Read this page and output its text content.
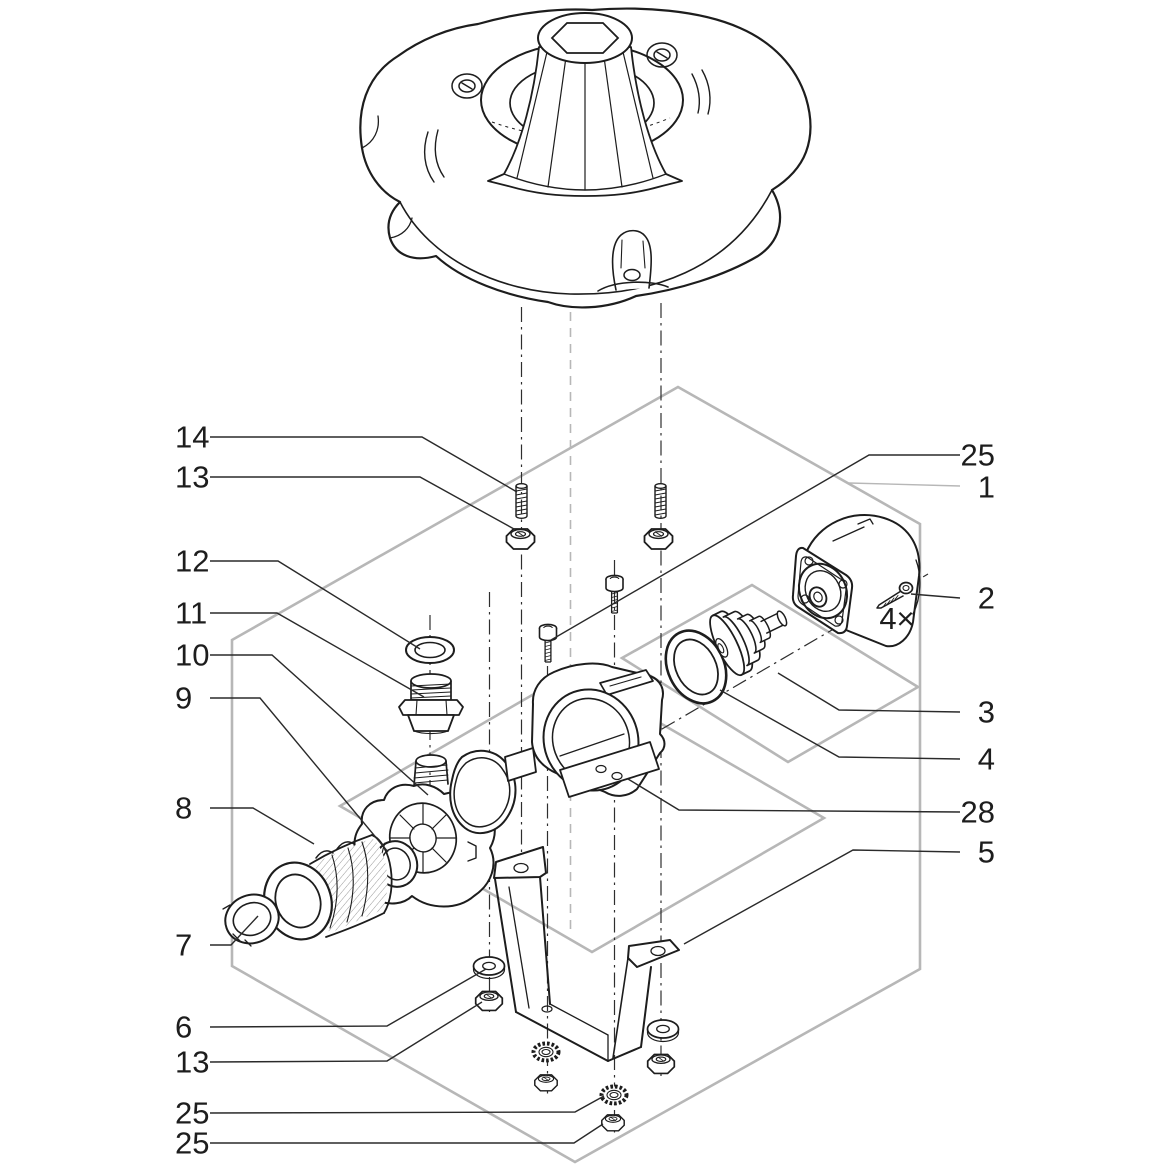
14
13
12
11
10
9
8
7
6
13
25
25
25
1
2
3
4
28
5
4×
